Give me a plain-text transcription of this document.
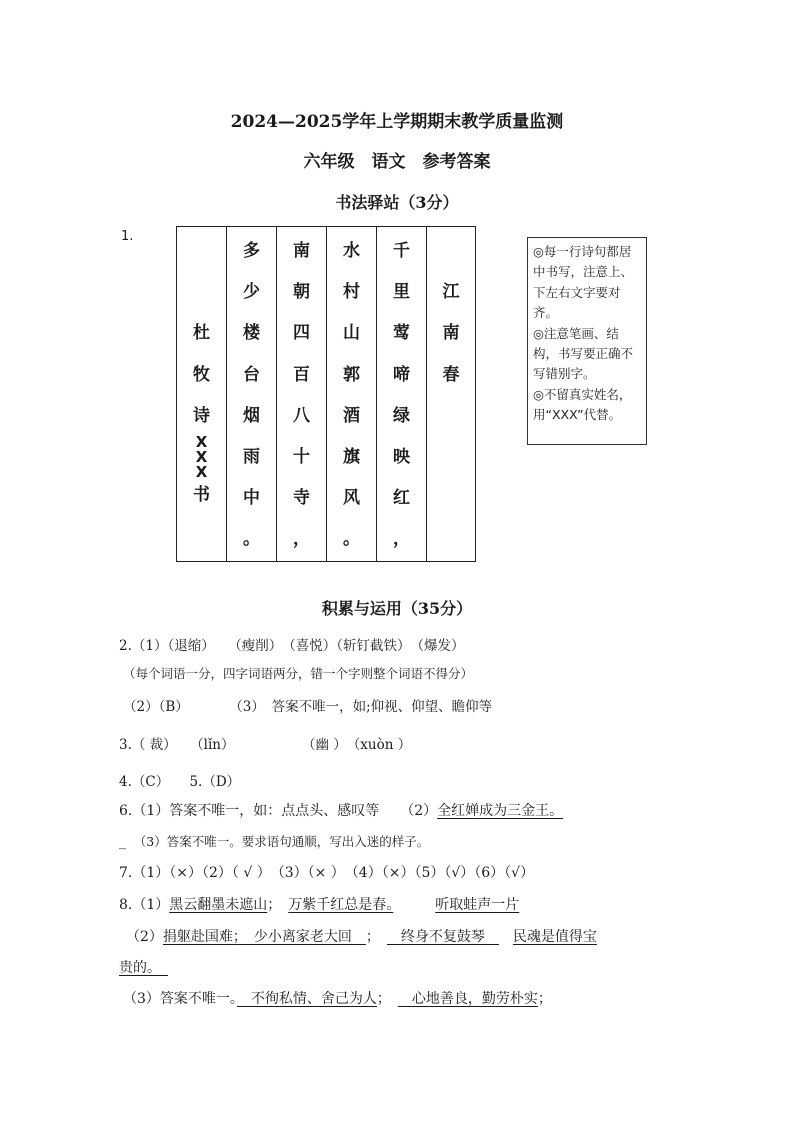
2024—2025学年上学期期末教学质量监测
六年级　语文　参考答案
书法驿站（3分）
1.
杜
牧
诗
X
X
X
书
多
少
楼
台
烟
雨
中
。
南
朝
四
百
八
十
寺
，
水
村
山
郭
酒
旗
风
。
千
里
莺
啼
绿
映
红
，
江
南
春
◎每一行诗句都居中书写，注意上、下左右文字要对齐。
◎注意笔画、结构，书写要正确不写错别字。
◎不留真实姓名，用“XXX”代替。
积累与运用（35分）
2.（1）（退缩）　　（瘦削）　（喜悦）（斩钉截铁）　（爆发）
（每个词语一分，四字词语两分，错一个字则整个词语不得分）
（2）（B）　　　　（3）　答案不唯一，如;仰视、仰望、瞻仰等
3.（ 裁）　　（lǐn）　　　　　　（幽 ）　（xuòn ）
4.（C）　　5.（D）
6.（1）答案不唯一，如：点点头、感叹等　　（2）全红婵成为三金王。
_　 （3）答案不唯一。要求语句通顺，写出入迷的样子。
7.（1）（×）（2）（ √ ）　（3）（× ）　（4）（×）（5）（√）（6）（√）
8.（1）黑云翻墨未遮山；　 万紫千红总是春。　　　	听取蛙声一片
（2）捐躯赴国难；　少小离家老大回　；　　终身不复鼓琴　　民魂是值得宝
贵的。　
（3）答案不唯一。　不徇私情、舍己为人；　　心地善良，勤劳朴实；
